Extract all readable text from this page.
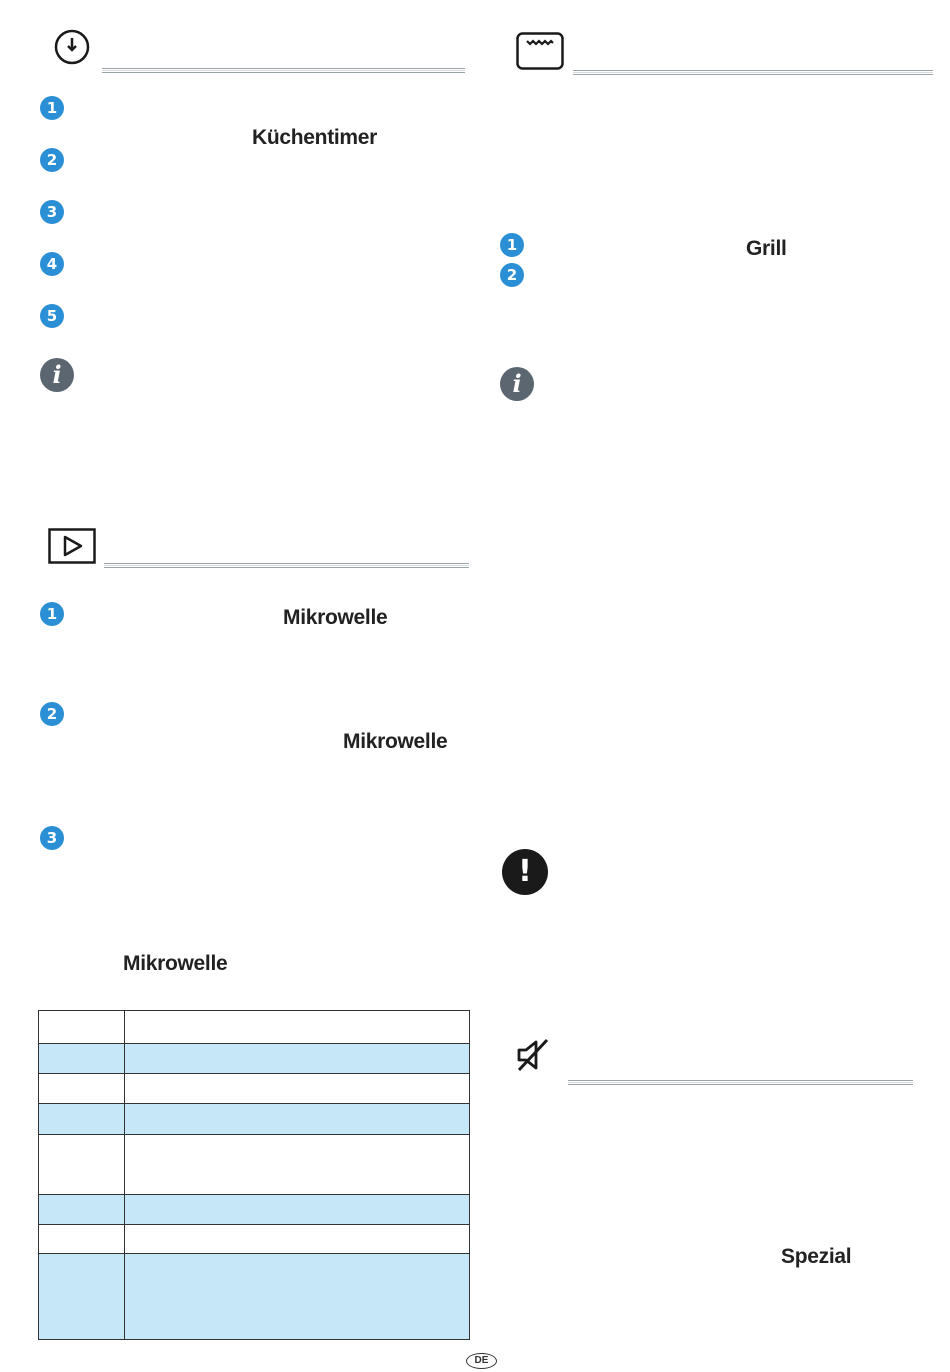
1
Küchentimer
2
3
4
5
i
1	Mikrowelle
2
Mikrowelle
3
Mikrowelle

1	Grill
2
i
!
Spezial
DE
